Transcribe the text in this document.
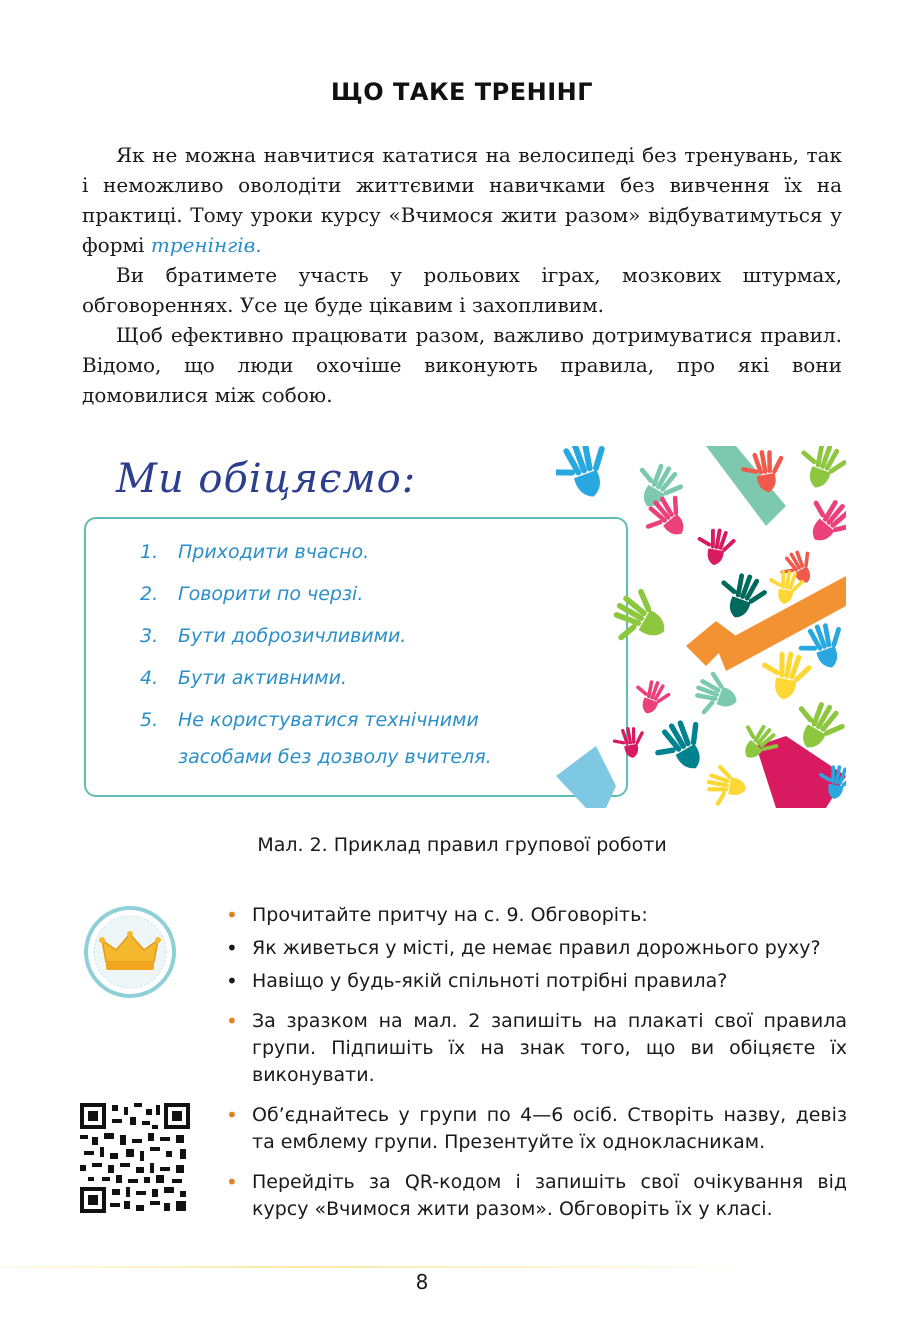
ЩО ТАКЕ ТРЕНІНГ

Як не можна навчитися кататися на велосипеді без тренувань, так і неможливо оволодіти життєвими навичками без вивчення їх на практиці. Тому уроки курсу «Вчимося жити разом» відбуватимуться у формі тренінгів.

Ви братимете участь у рольових іграх, мозкових штурмах, обговореннях. Усе це буде цікавим і захопливим.

Щоб ефективно працювати разом, важливо дотримуватися правил. Відомо, що люди охочіше виконують правила, про які вони домовилися між собою.

Ми обіцяємо:
1.	Приходити вчасно.
2.	Говорити по черзі.
3.	Бути доброзичливими.
4.	Бути активними.
5.	Не користуватися технічними засобами без дозволу вчителя.
Мал. 2. Приклад правил групової роботи
• Прочитайте притчу на с. 9. Обговоріть:
• Як живеться у місті, де немає правил дорожнього руху?
• Навіщо у будь-якій спільноті потрібні правила?
• За зразком на мал. 2 запишіть на плакаті свої правила групи. Підпишіть їх на знак того, що ви обіцяєте їх виконувати.
• Об’єднайтесь у групи по 4—6 осіб. Створіть назву, девіз та емблему групи. Презентуйте їх однокласникам.
• Перейдіть за QR-кодом і запишіть свої очікування від курсу «Вчимося жити разом». Обговоріть їх у класі.
8
